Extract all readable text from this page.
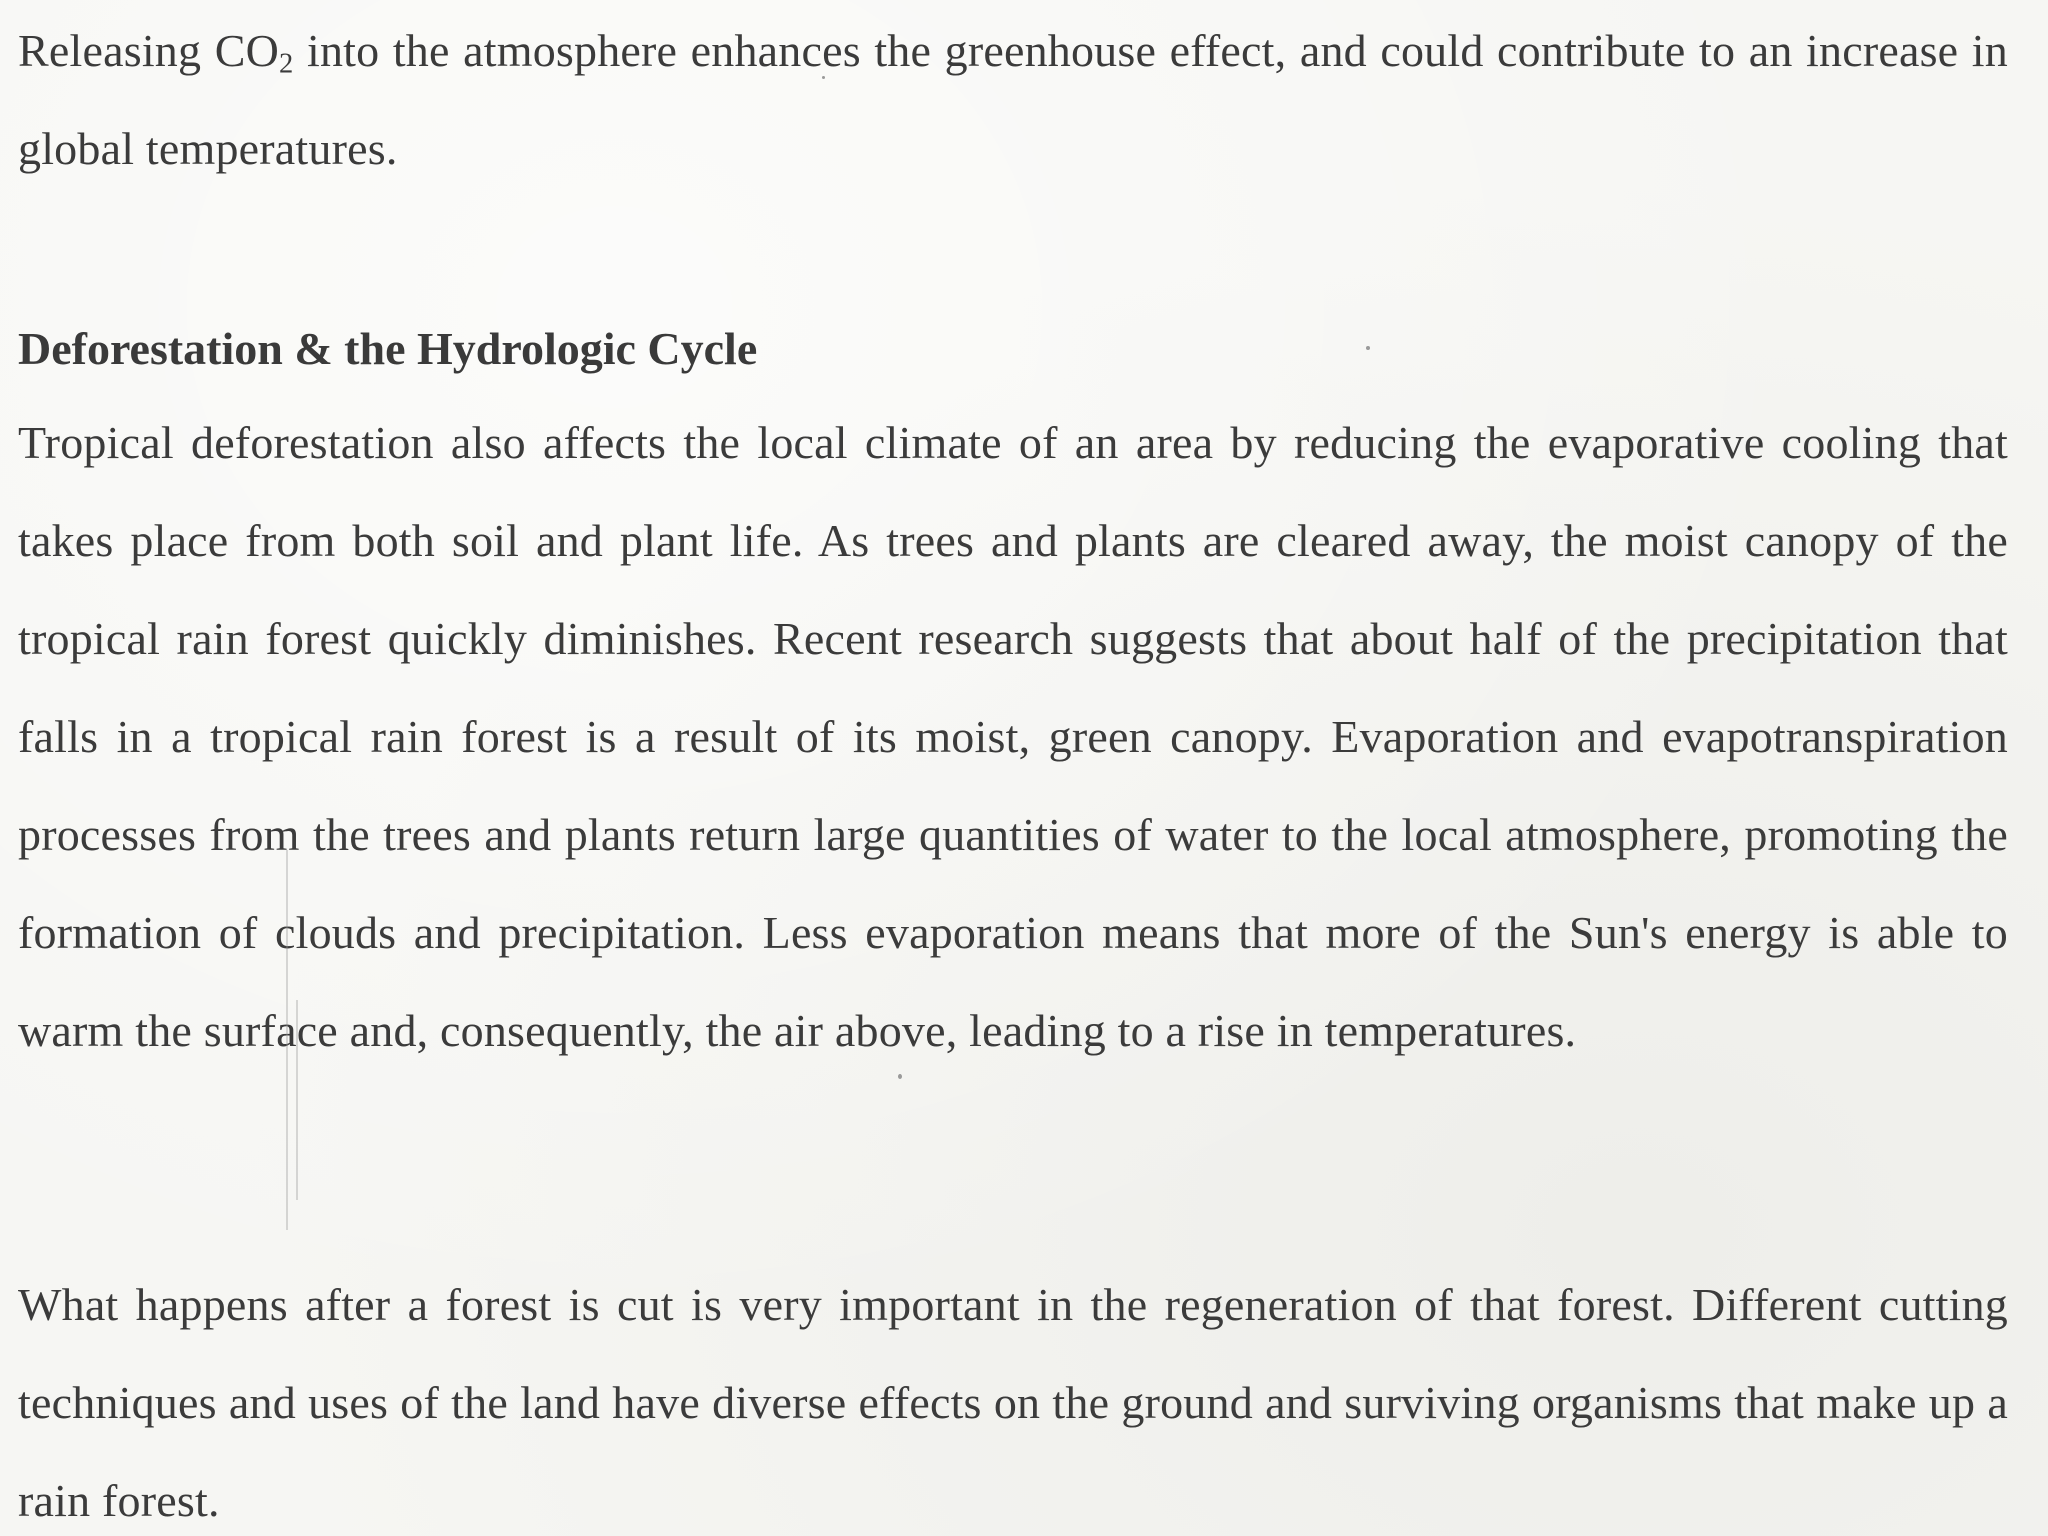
Releasing $CO_2$ into the atmosphere enhances the greenhouse effect, and could contribute to an increase in global temperatures.

Deforestation & the Hydrologic Cycle

Tropical deforestation also affects the local climate of an area by reducing the evaporative cooling that takes place from both soil and plant life. As trees and plants are cleared away, the moist canopy of the tropical rain forest quickly diminishes. Recent research suggests that about half of the precipitation that falls in a tropical rain forest is a result of its moist, green canopy. Evaporation and evapotranspiration processes from the trees and plants return large quantities of water to the local atmosphere, promoting the formation of clouds and precipitation. Less evaporation means that more of the Sun's energy is able to warm the surface and, consequently, the air above, leading to a rise in temperatures.

What happens after a forest is cut is very important in the regeneration of that forest. Different cutting techniques and uses of the land have diverse effects on the ground and surviving organisms that make up a rain forest.
